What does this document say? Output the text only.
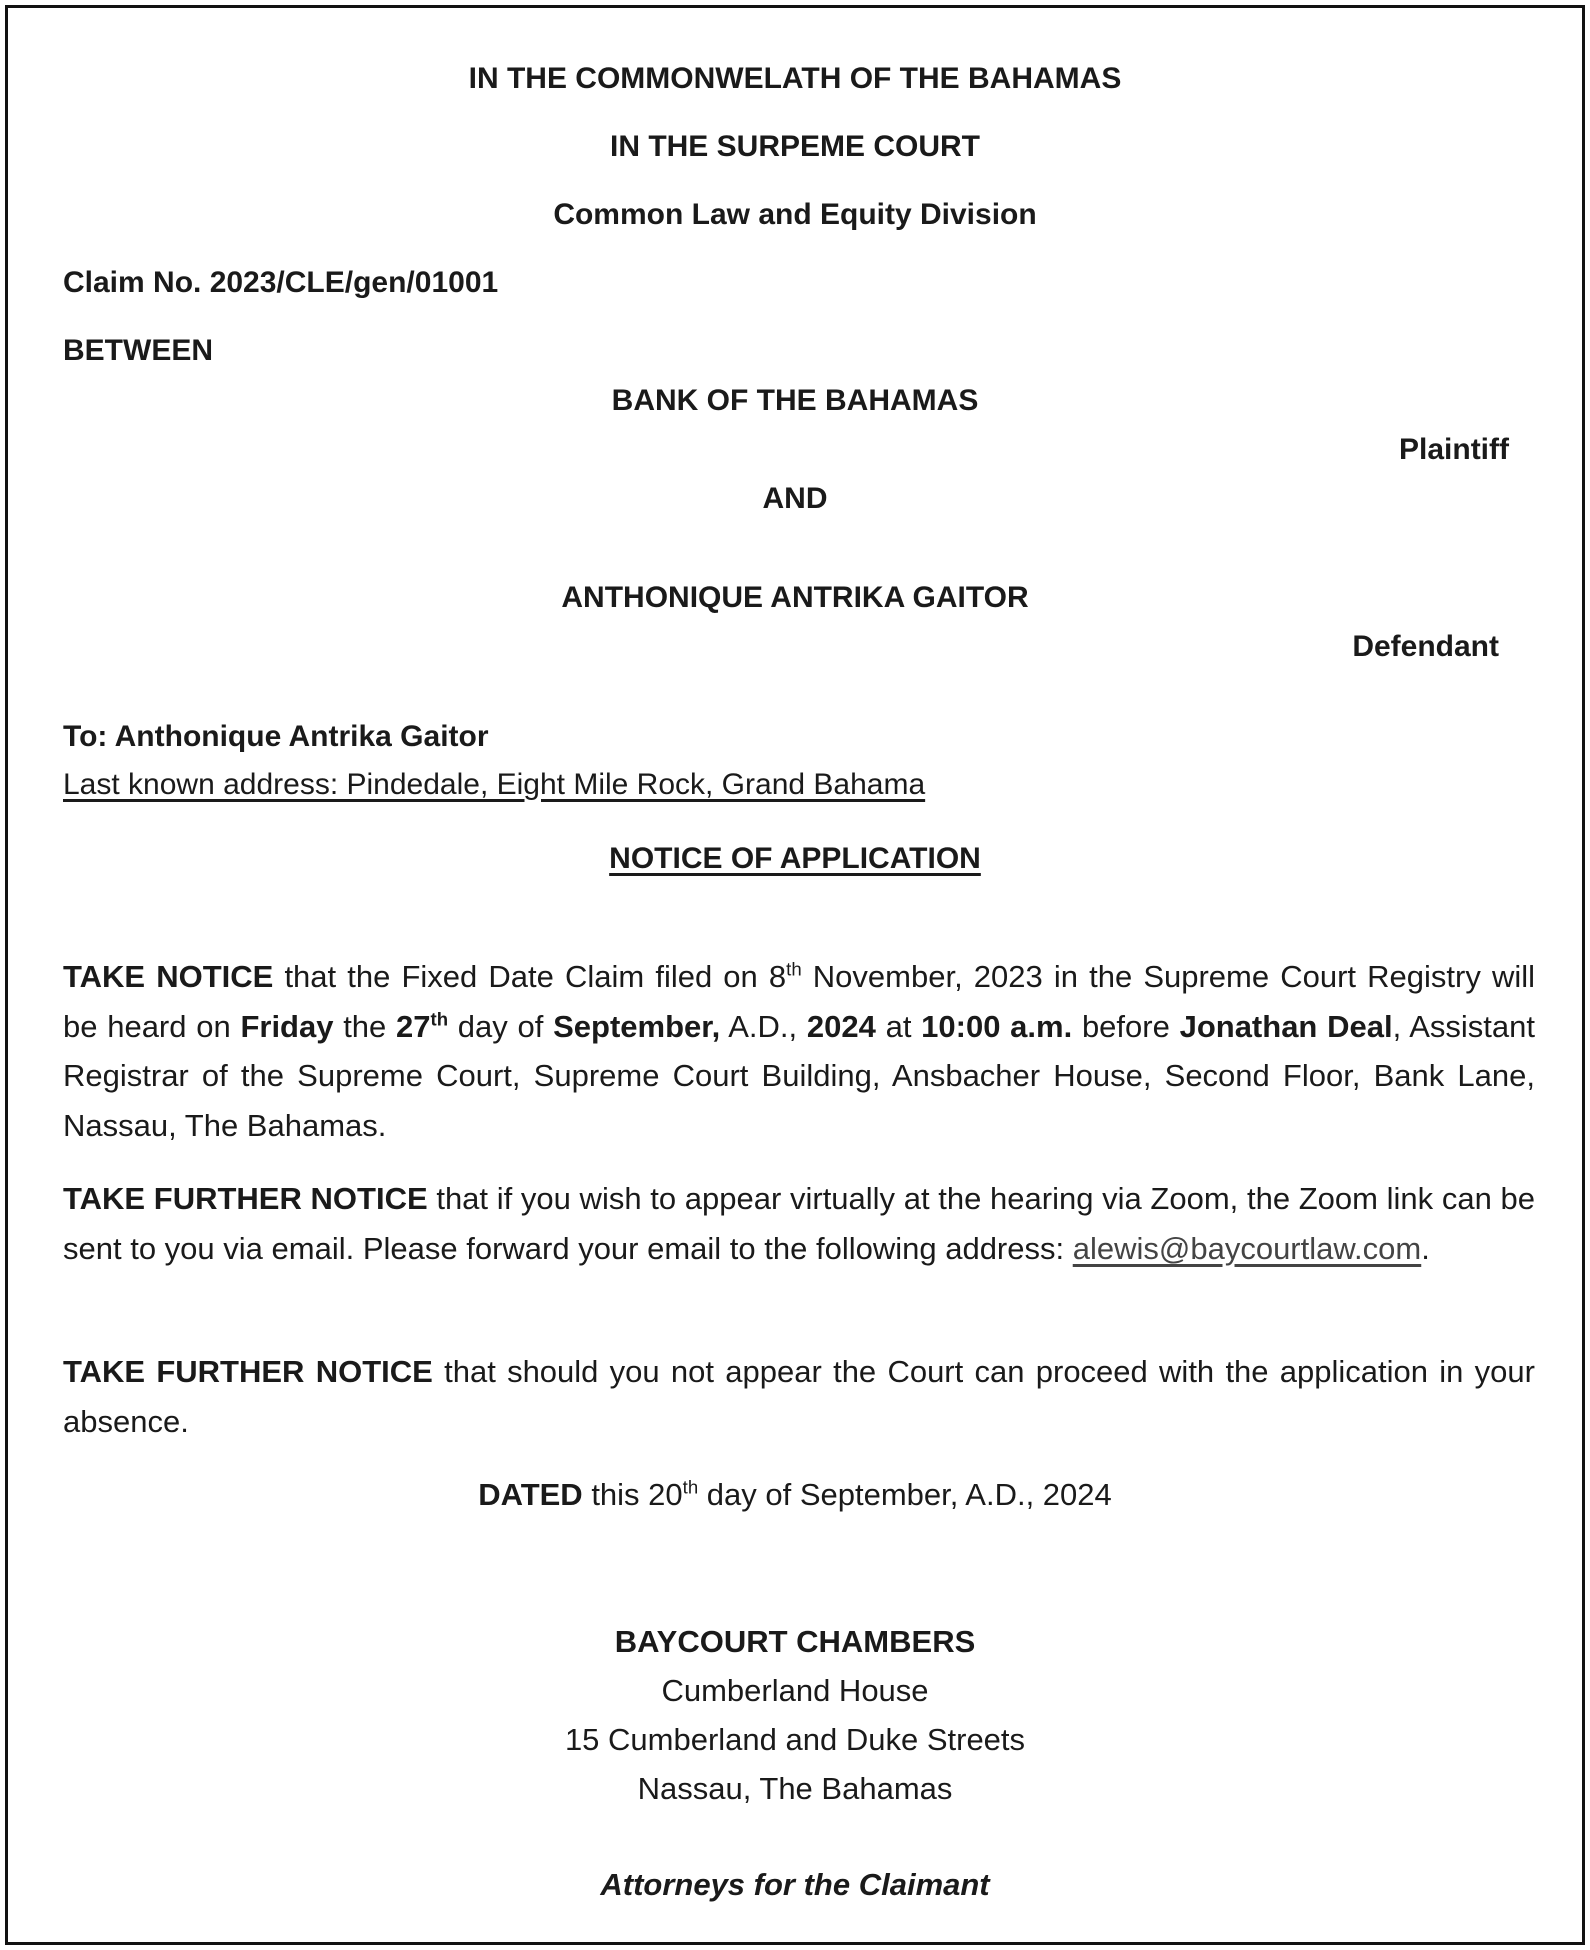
IN THE COMMONWELATH OF THE BAHAMAS
IN THE SURPEME COURT
Common Law and Equity Division
Claim No. 2023/CLE/gen/01001
BETWEEN
BANK OF THE BAHAMAS
Plaintiff
AND
ANTHONIQUE ANTRIKA GAITOR
Defendant
To: Anthonique Antrika Gaitor
Last known address: Pindedale, Eight Mile Rock, Grand Bahama
NOTICE OF APPLICATION
TAKE NOTICE that the Fixed Date Claim filed on 8th November, 2023 in the Supreme Court Registry will be heard on Friday the 27th day of September, A.D., 2024 at 10:00 a.m. before Jonathan Deal, Assistant Registrar of the Supreme Court, Supreme Court Building, Ansbacher House, Second Floor, Bank Lane, Nassau, The Bahamas.
TAKE FURTHER NOTICE that if you wish to appear virtually at the hearing via Zoom, the Zoom link can be sent to you via email. Please forward your email to the following address: alewis@baycourtlaw.com.
TAKE FURTHER NOTICE that should you not appear the Court can proceed with the application in your absence.
DATED this 20th day of September, A.D., 2024
BAYCOURT CHAMBERS
Cumberland House
15 Cumberland and Duke Streets
Nassau, The Bahamas
Attorneys for the Claimant
